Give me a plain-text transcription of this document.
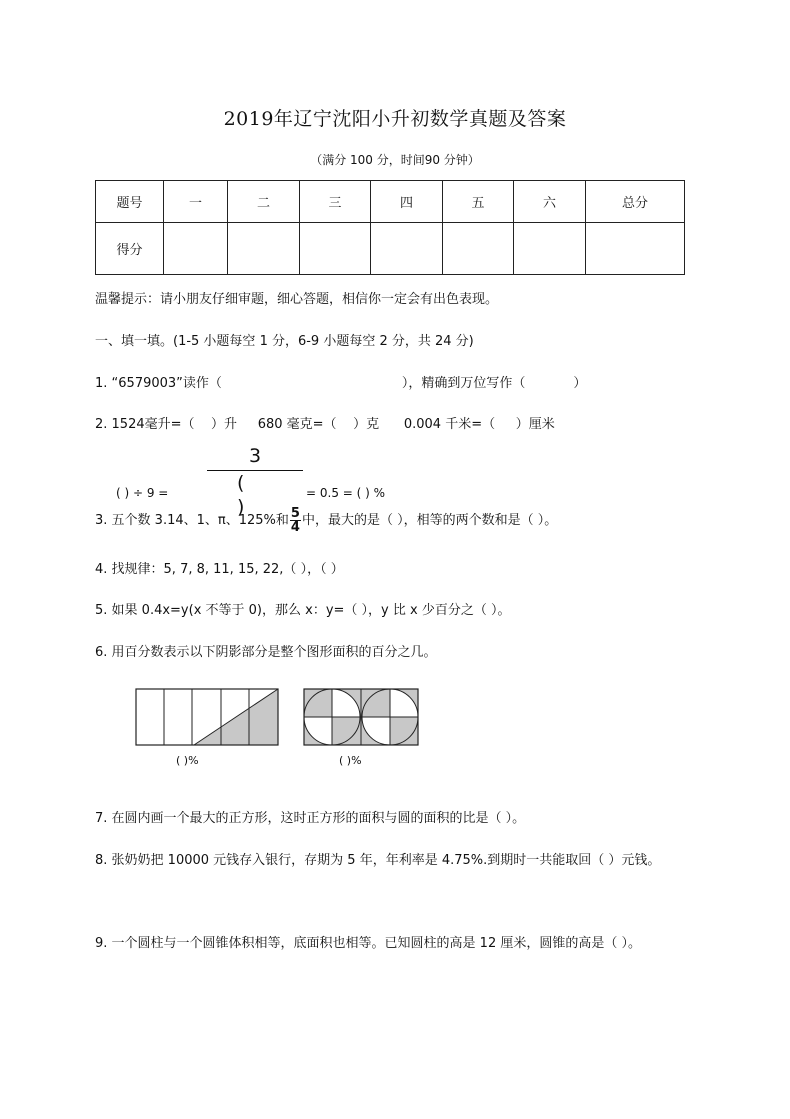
2019年辽宁沈阳小升初数学真题及答案
（满分 100 分，时间90 分钟）
题号	一	二	三	四	五	六	总分
得分							
温馨提示：请小朋友仔细审题，细心答题，相信你一定会有出色表现。
一、填一填。(1-5 小题每空 1 分，6-9 小题每空 2 分，共 24 分)
1. “6579003”读作（	），精确到万位写作（	）
2. 1524毫升=（    ）升     680 毫克=（    ）克      0.004 千米=（     ）厘米
( ) ÷ 9 =
3
( )
= 0.5 = ( ) %
3. 五个数 3.14、1、π、125%和 $\frac{5}{4}$ 中，最大的是（ ），相等的两个数和是（ ）。
4. 找规律：5, 7, 8, 11, 15, 22,（ ），（ ）
5. 如果 0.4x=y(x 不等于 0)，那么 x：y=（ ），y 比 x 少百分之（ ）。
6. 用百分数表示以下阴影部分是整个图形面积的百分之几。
( )%	( )%
7. 在圆内画一个最大的正方形，这时正方形的面积与圆的面积的比是（ ）。
8. 张奶奶把 10000 元钱存入银行，存期为 5 年，年利率是 4.75%.到期时一共能取回（ ）元钱。
9. 一个圆柱与一个圆锥体积相等，底面积也相等。已知圆柱的高是 12 厘米，圆锥的高是（ ）。
